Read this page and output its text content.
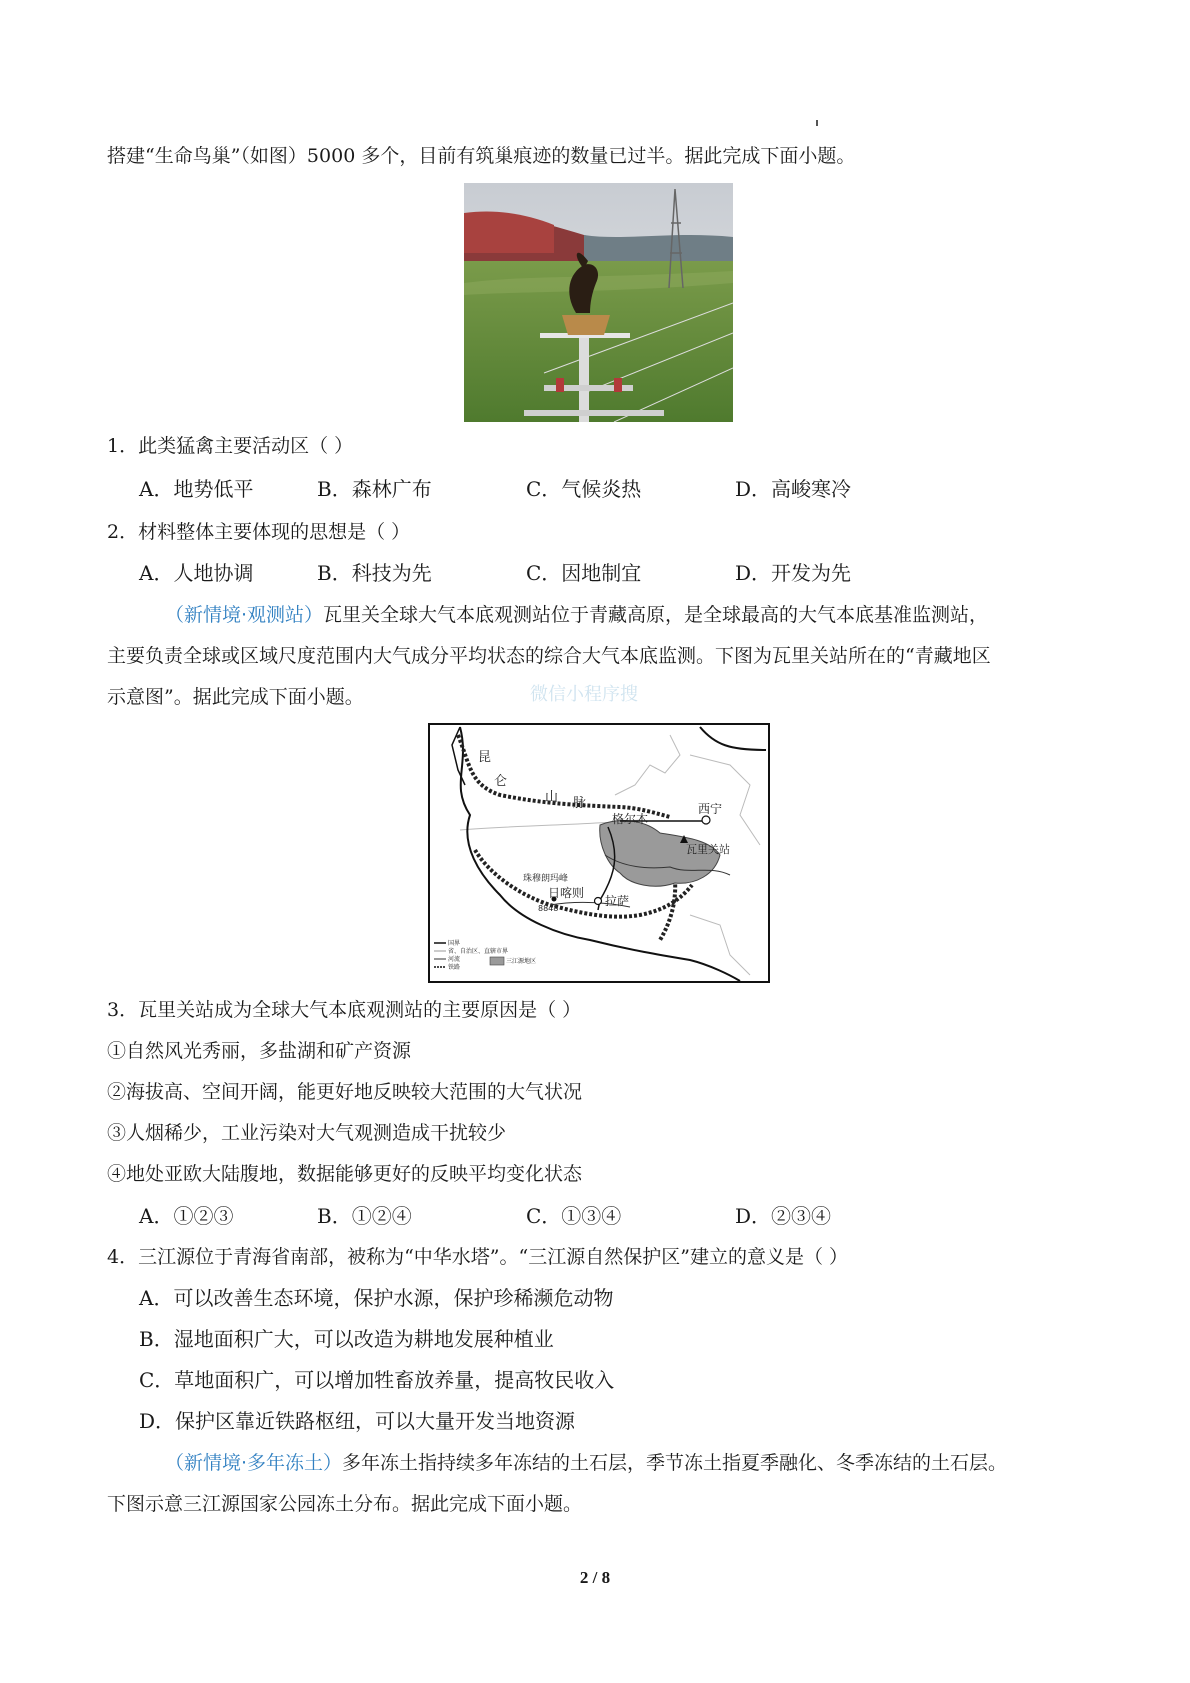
搭建“生命鸟巢”（如图）5000 多个，目前有筑巢痕迹的数量已过半。据此完成下面小题。
1．此类猛禽主要活动区（ ）
A．地势低平	B．森林广布	C．气候炎热	D．高峻寒冷
2．材料整体主要体现的思想是（ ）
A．人地协调	B．科技为先	C．因地制宜	D．开发为先
（新情境·观测站）瓦里关全球大气本底观测站位于青藏高原，是全球最高的大气本底基准监测站，
主要负责全球或区域尺度范围内大气成分平均状态的综合大气本底监测。下图为瓦里关站所在的“青藏地区
示意图”。据此完成下面小题。	微信小程序搜
昆
仑
山 脉
格尔木
西宁
瓦里关站
珠穆朗玛峰
日喀则
8848
拉萨
国界
省、自治区、直辖市界
河流
铁路
三江源地区
3．瓦里关站成为全球大气本底观测站的主要原因是（ ）
①自然风光秀丽，多盐湖和矿产资源
②海拔高、空间开阔，能更好地反映较大范围的大气状况
③人烟稀少，工业污染对大气观测造成干扰较少
④地处亚欧大陆腹地，数据能够更好的反映平均变化状态
A．①②③	B．①②④	C．①③④	D．②③④
4．三江源位于青海省南部，被称为“中华水塔”。“三江源自然保护区”建立的意义是（ ）
A．可以改善生态环境，保护水源，保护珍稀濒危动物
B．湿地面积广大，可以改造为耕地发展种植业
C．草地面积广，可以增加牲畜放养量，提高牧民收入
D．保护区靠近铁路枢纽，可以大量开发当地资源
（新情境·多年冻土）多年冻土指持续多年冻结的土石层，季节冻土指夏季融化、冬季冻结的土石层。
下图示意三江源国家公园冻土分布。据此完成下面小题。
2 / 8
